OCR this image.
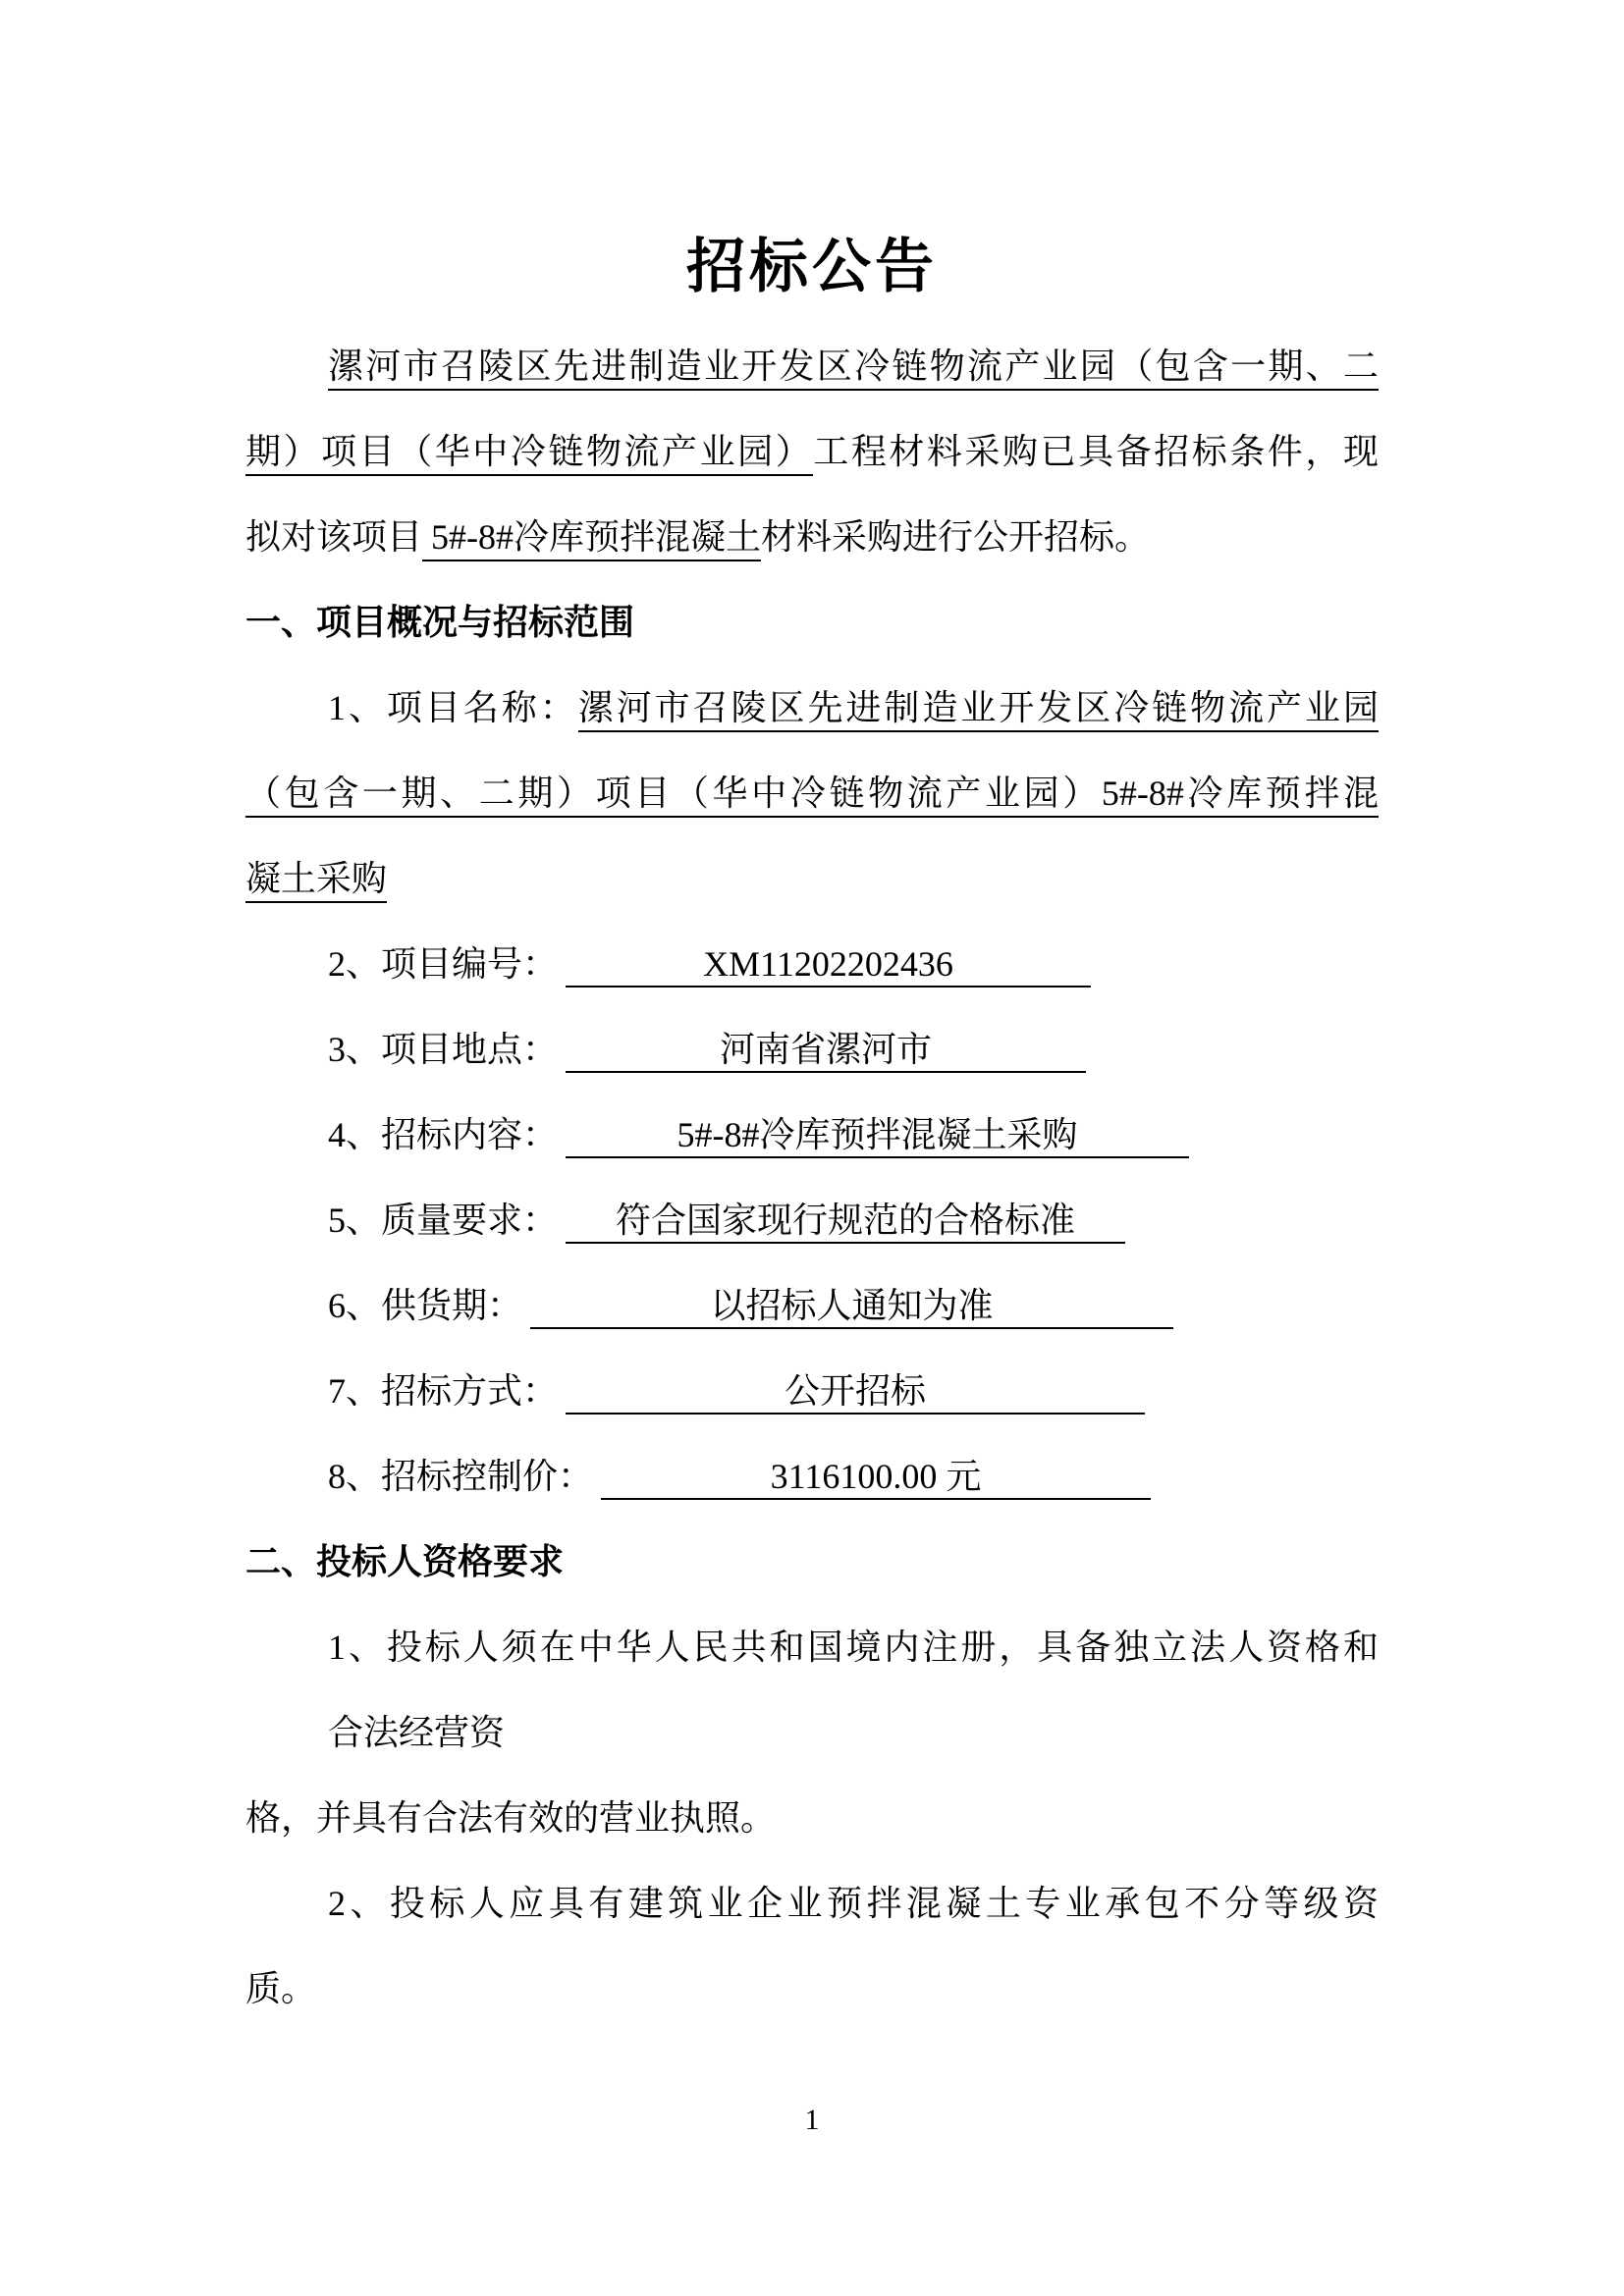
招标公告
漯河市召陵区先进制造业开发区冷链物流产业园（包含一期、二
期）项目（华中冷链物流产业园）工程材料采购已具备招标条件，现
拟对该项目 5#-8#冷库预拌混凝土材料采购进行公开招标。
一、项目概况与招标范围
1、项目名称：漯河市召陵区先进制造业开发区冷链物流产业园
（包含一期、二期）项目（华中冷链物流产业园）5#-8#冷库预拌混
凝土采购
2、项目编号：	XM11202202436
3、项目地点：	河南省漯河市
4、招标内容：	5#-8#冷库预拌混凝土采购
5、质量要求： 符合国家现行规范的合格标准
6、供货期：	以招标人通知为准
7、招标方式：	公开招标
8、招标控制价：	3116100.00 元
二、投标人资格要求
1、投标人须在中华人民共和国境内注册，具备独立法人资格和
合法经营资
格，并具有合法有效的营业执照。
2、投标人应具有建筑业企业预拌混凝土专业承包不分等级资
质。
1
